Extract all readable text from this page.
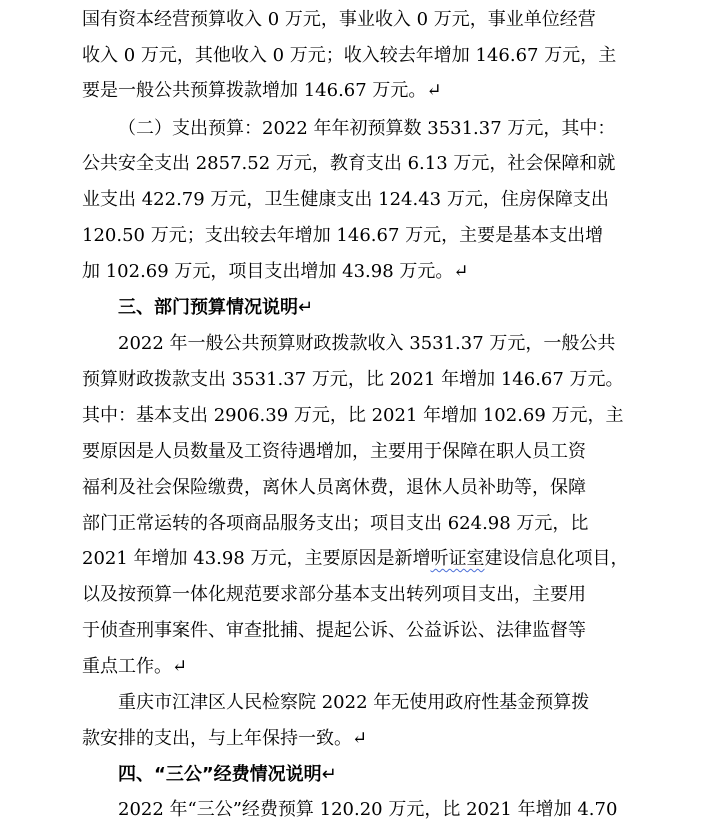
国有资本经营预算收入 0 万元，事业收入 0 万元，事业单位经营
收入 0 万元，其他收入 0 万元；收入较去年增加 146.67 万元，主
要是一般公共预算拨款增加 146.67 万元。↵
（二）支出预算：2022 年年初预算数 3531.37 万元，其中：
公共安全支出 2857.52 万元，教育支出 6.13 万元，社会保障和就
业支出 422.79 万元，卫生健康支出 124.43 万元，住房保障支出
120.50 万元；支出较去年增加 146.67 万元，主要是基本支出增
加 102.69 万元，项目支出增加 43.98 万元。↵
三、部门预算情况说明↵
2022 年一般公共预算财政拨款收入 3531.37 万元，一般公共
预算财政拨款支出 3531.37 万元，比 2021 年增加 146.67 万元。
其中：基本支出 2906.39 万元，比 2021 年增加 102.69 万元，主
要原因是人员数量及工资待遇增加，主要用于保障在职人员工资
福利及社会保险缴费，离休人员离休费，退休人员补助等，保障
部门正常运转的各项商品服务支出；项目支出 624.98 万元，比
2021 年增加 43.98 万元，主要原因是新增听证室建设信息化项目，
以及按预算一体化规范要求部分基本支出转列项目支出，主要用
于侦查刑事案件、审查批捕、提起公诉、公益诉讼、法律监督等
重点工作。↵
重庆市江津区人民检察院 2022 年无使用政府性基金预算拨
款安排的支出，与上年保持一致。↵
四、“三公”经费情况说明↵
2022 年“三公”经费预算 120.20 万元，比 2021 年增加 4.70
